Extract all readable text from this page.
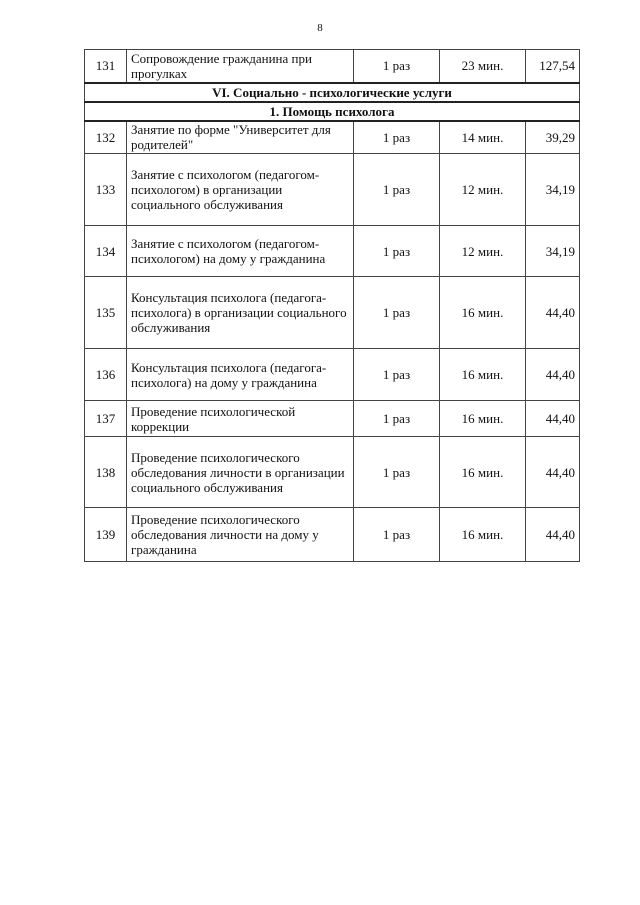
8
131	Сопровождение гражданина при прогулках	1 раз	23 мин.	127,54
VI. Социально - психологические услуги				
1. Помощь психолога				
132	Занятие по форме "Университет для родителей"	1 раз	14 мин.	39,29
133	Занятие с психологом (педагогом-психологом) в организации социального обслуживания	1 раз	12 мин.	34,19
134	Занятие с психологом (педагогом-психологом) на дому у гражданина	1 раз	12 мин.	34,19
135	Консультация психолога (педагога-психолога) в организации социального обслуживания	1 раз	16 мин.	44,40
136	Консультация психолога (педагога-психолога) на дому у гражданина	1 раз	16 мин.	44,40
137	Проведение психологической коррекции	1 раз	16 мин.	44,40
138	Проведение психологического обследования личности в организации социального обслуживания	1 раз	16 мин.	44,40
139	Проведение психологического обследования личности на дому у гражданина	1 раз	16 мин.	44,40
